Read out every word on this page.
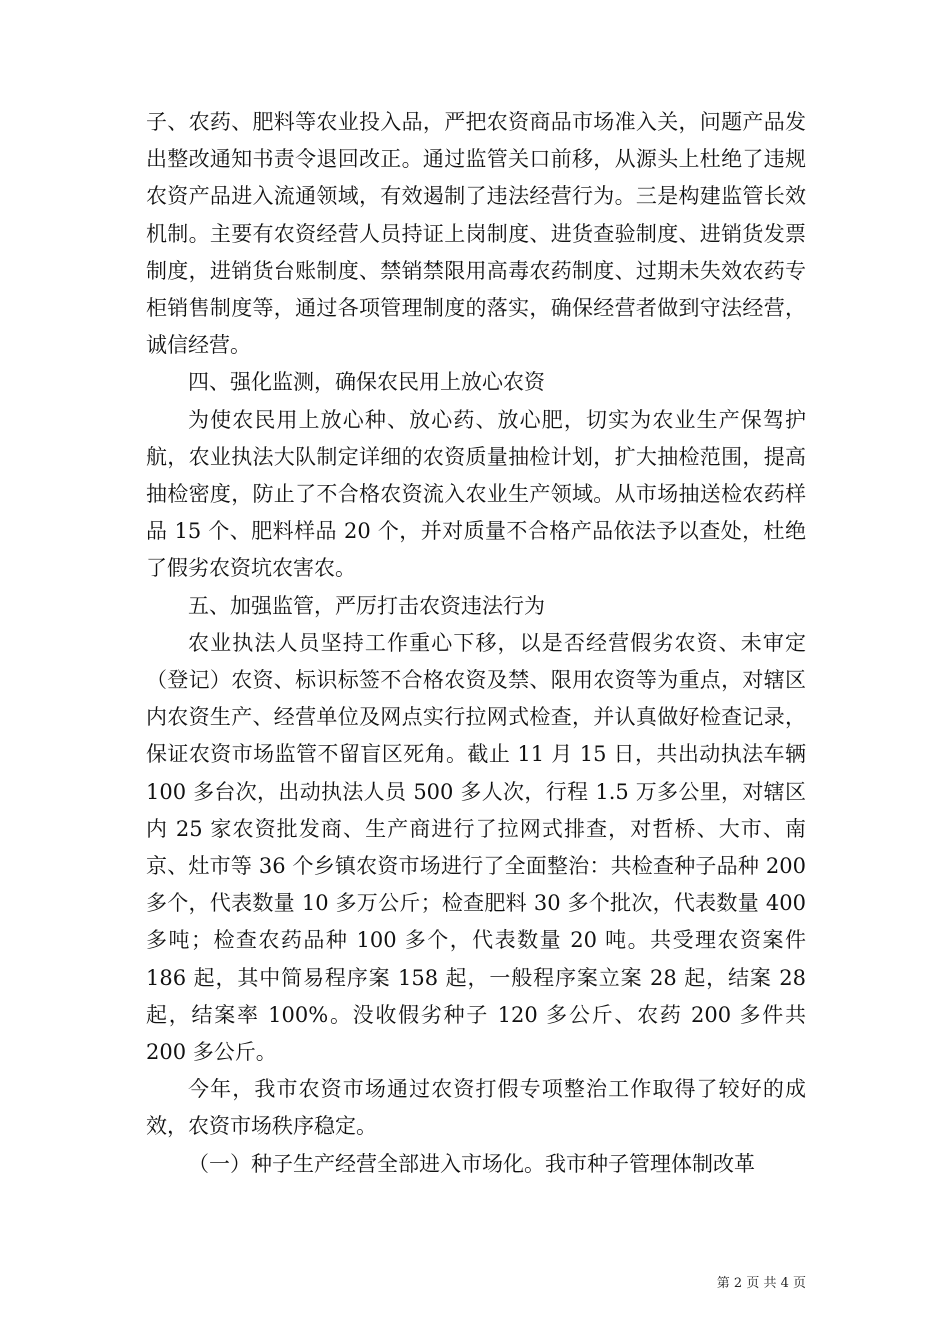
子、农药、肥料等农业投入品，严把农资商品市场准入关，问题产品发出整改通知书责令退回改正。通过监管关口前移，从源头上杜绝了违规农资产品进入流通领域，有效遏制了违法经营行为。三是构建监管长效机制。主要有农资经营人员持证上岗制度、进货查验制度、进销货发票制度，进销货台账制度、禁销禁限用高毒农药制度、过期未失效农药专柜销售制度等，通过各项管理制度的落实，确保经营者做到守法经营，诚信经营。

四、强化监测，确保农民用上放心农资

为使农民用上放心种、放心药、放心肥，切实为农业生产保驾护航，农业执法大队制定详细的农资质量抽检计划，扩大抽检范围，提高抽检密度，防止了不合格农资流入农业生产领域。从市场抽送检农药样品 15 个、肥料样品 20 个，并对质量不合格产品依法予以查处，杜绝了假劣农资坑农害农。

五、加强监管，严厉打击农资违法行为

农业执法人员坚持工作重心下移，以是否经营假劣农资、未审定（登记）农资、标识标签不合格农资及禁、限用农资等为重点，对辖区内农资生产、经营单位及网点实行拉网式检查，并认真做好检查记录，保证农资市场监管不留盲区死角。截止 11 月 15 日，共出动执法车辆 100 多台次，出动执法人员 500 多人次，行程 1.5 万多公里，对辖区内 25 家农资批发商、生产商进行了拉网式排查，对哲桥、大市、南京、灶市等 36 个乡镇农资市场进行了全面整治：共检查种子品种 200 多个，代表数量 10 多万公斤；检查肥料 30 多个批次，代表数量 400 多吨；检查农药品种 100 多个，代表数量 20 吨。共受理农资案件 186 起，其中简易程序案 158 起，一般程序案立案 28 起，结案 28 起，结案率 100%。没收假劣种子 120 多公斤、农药 200 多件共 200 多公斤。

今年，我市农资市场通过农资打假专项整治工作取得了较好的成效，农资市场秩序稳定。

（一）种子生产经营全部进入市场化。我市种子管理体制改革

第 2 页 共 4 页
